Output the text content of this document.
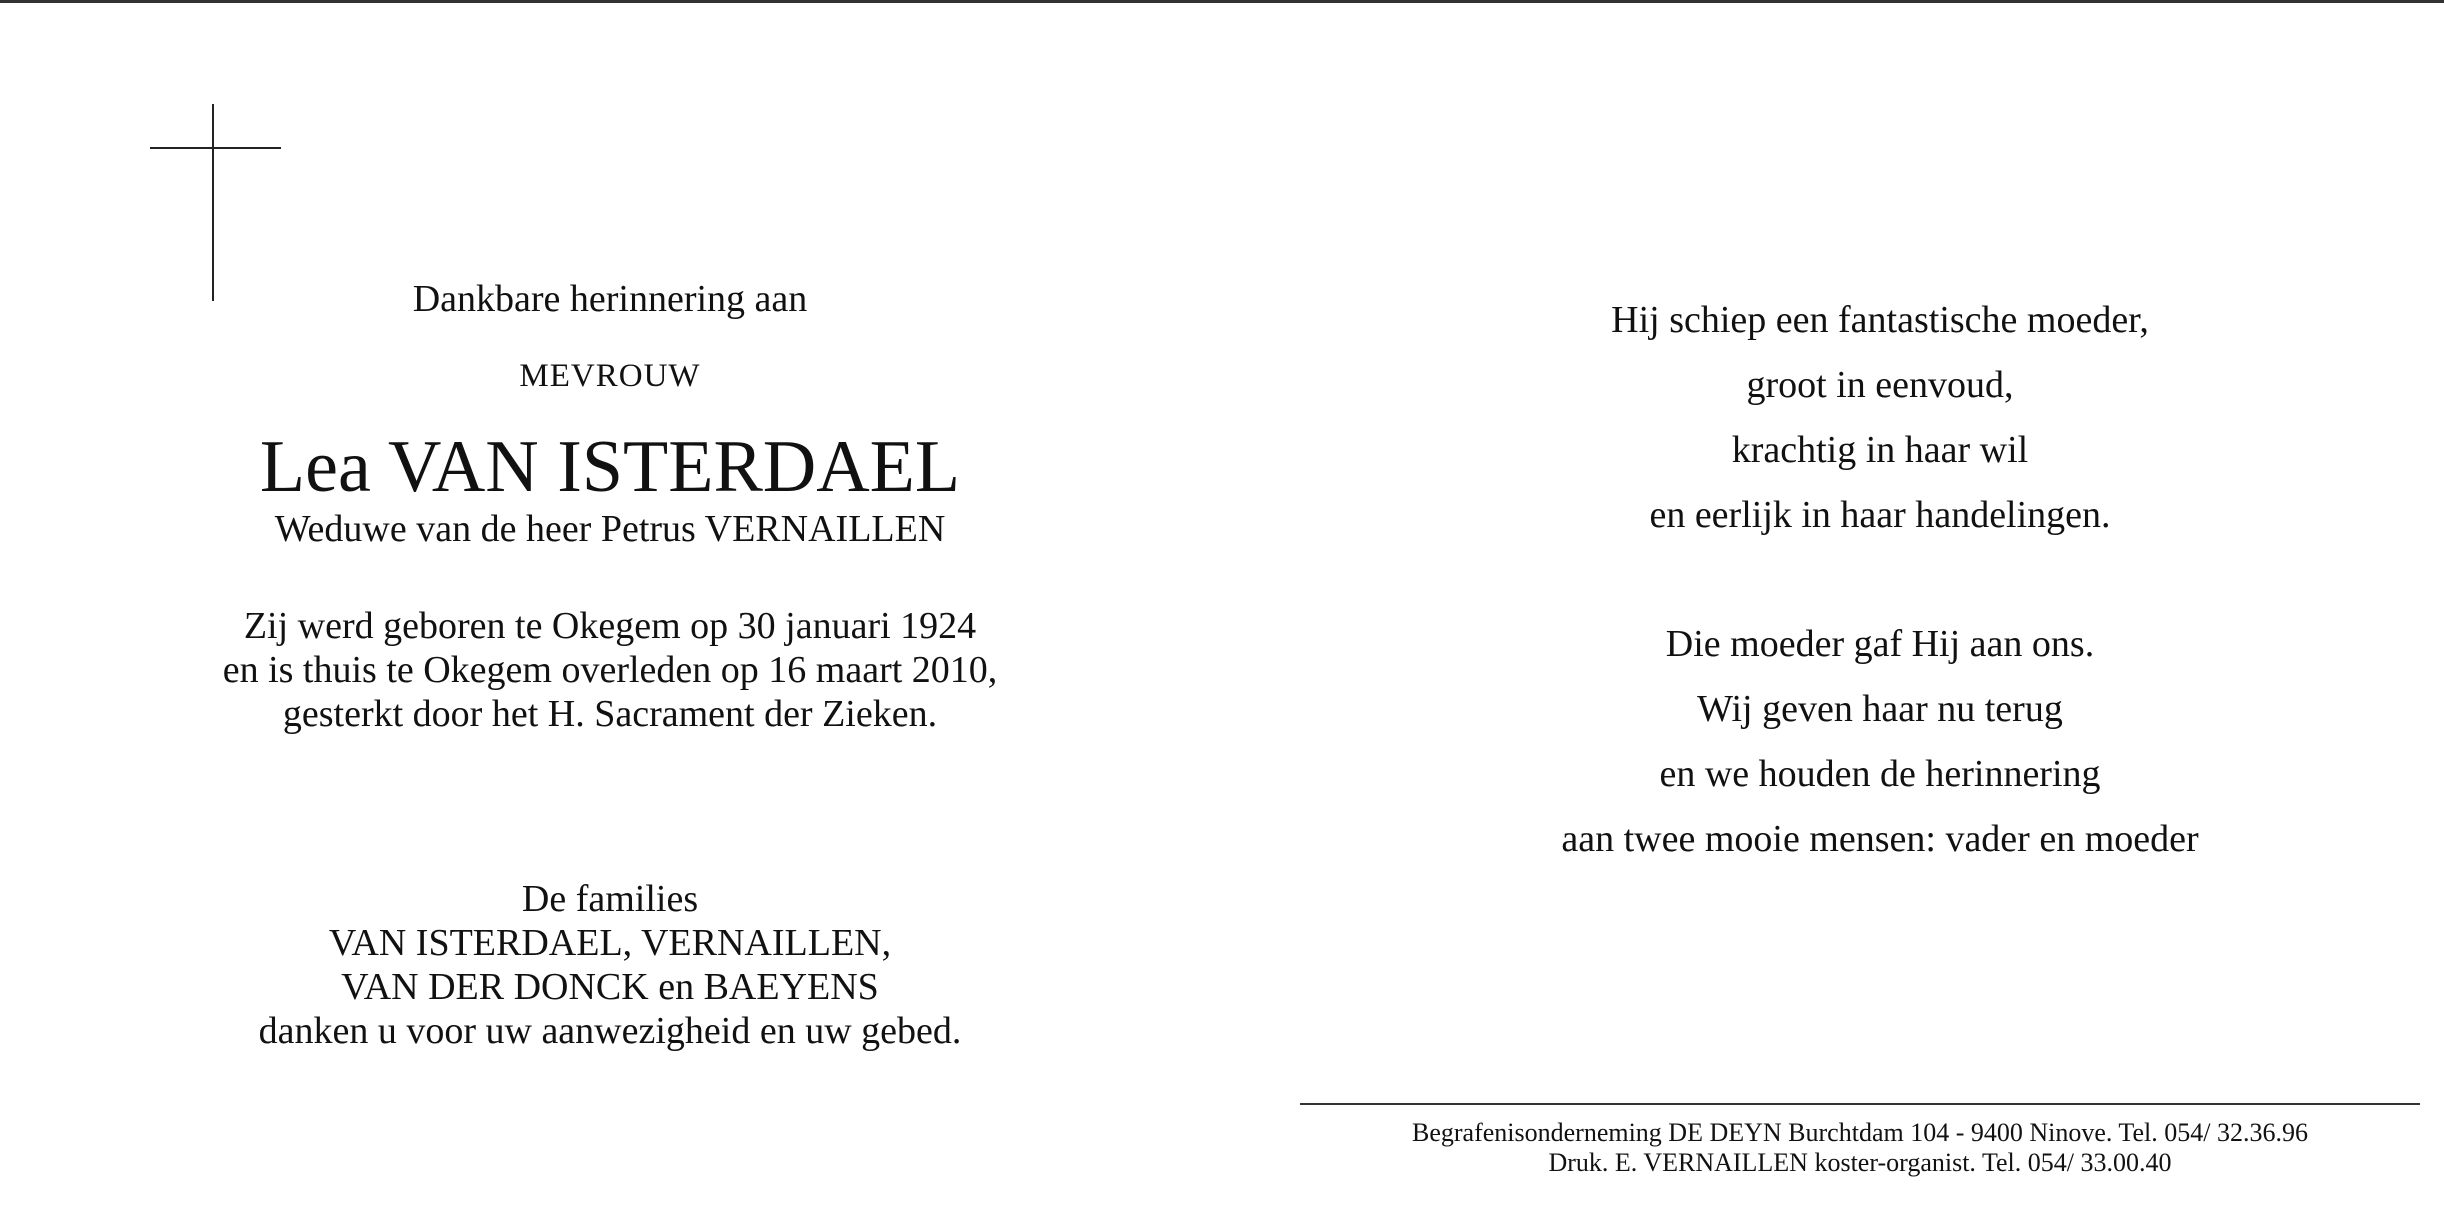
Dankbare herinnering aan
MEVROUW
Lea VAN ISTERDAEL
Weduwe van de heer Petrus VERNAILLEN
Zij werd geboren te Okegem op 30 januari 1924
en is thuis te Okegem overleden op 16 maart 2010,
gesterkt door het H. Sacrament der Zieken.
De families
VAN ISTERDAEL, VERNAILLEN,
VAN DER DONCK en BAEYENS
danken u voor uw aanwezigheid en uw gebed.
Hij schiep een fantastische moeder,
groot in eenvoud,
krachtig in haar wil
en eerlijk in haar handelingen.
Die moeder gaf Hij aan ons.
Wij geven haar nu terug
en we houden de herinnering
aan twee mooie mensen: vader en moeder
Begrafenisonderneming DE DEYN Burchtdam 104 - 9400 Ninove. Tel. 054/ 32.36.96
Druk. E. VERNAILLEN koster-organist. Tel. 054/ 33.00.40
